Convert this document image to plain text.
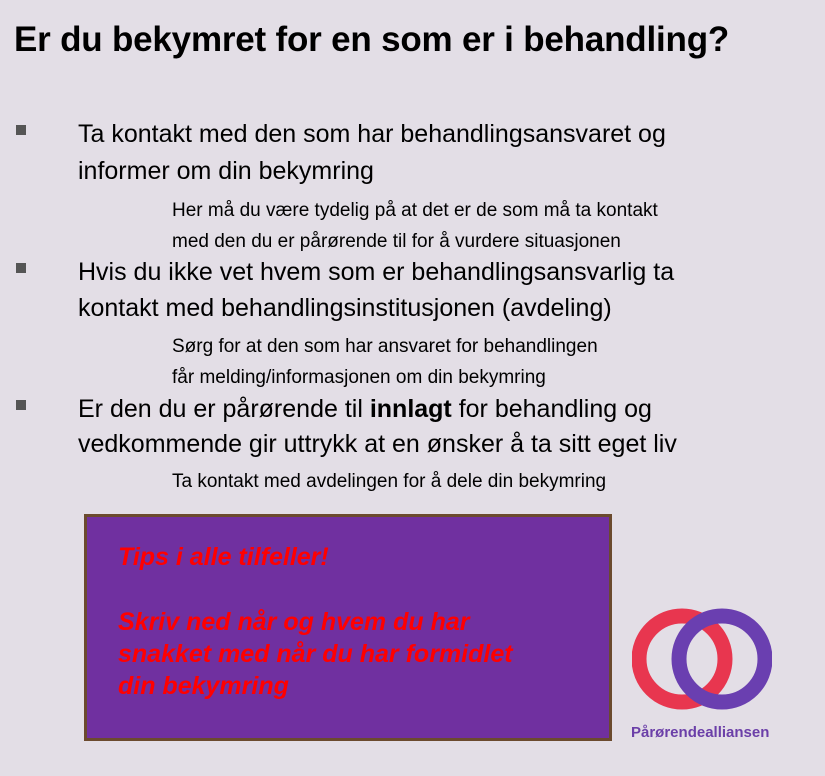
Er du bekymret for en som er i behandling?
Ta kontakt med den som har behandlingsansvaret og
informer om din bekymring
Her må du være tydelig på at det er de som må ta kontakt
med den du er pårørende til for å vurdere situasjonen
Hvis du ikke vet hvem som er behandlingsansvarlig ta
kontakt med behandlingsinstitusjonen (avdeling)
Sørg for at den som har ansvaret for behandlingen
får melding/informasjonen om din bekymring
Er den du er pårørende til innlagt for behandling og
vedkommende gir uttrykk at en ønsker å ta sitt eget liv
Ta kontakt med avdelingen for å dele din bekymring
Tips i alle tilfeller!
Skriv ned når og hvem du har
snakket med når du har formidlet
din bekymring
Pårørendealliansen
